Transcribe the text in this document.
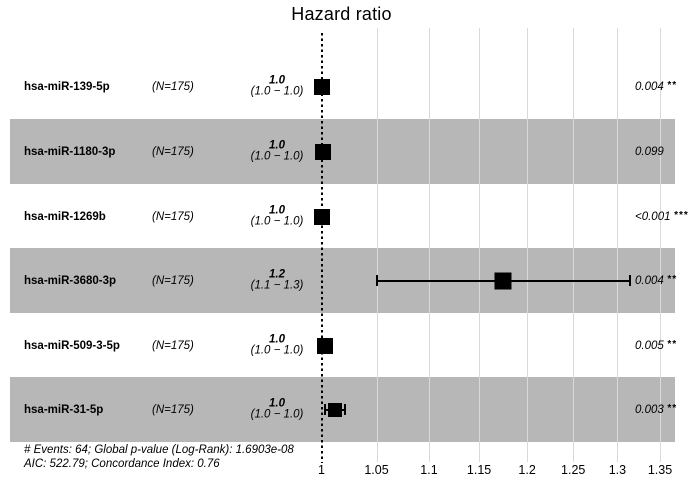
Hazard ratio
hsa-miR-139-5p	(N=175)
1.0
(1.0 − 1.0)	0.004 **
hsa-miR-1180-3p	(N=175)
1.0
(1.0 − 1.0)	0.099
hsa-miR-1269b	(N=175)
1.0
(1.0 − 1.0)	<0.001 ***
hsa-miR-3680-3p	(N=175)
1.2
(1.1 − 1.3)	0.004 **
hsa-miR-509-3-5p	(N=175)
1.0
(1.0 − 1.0)	0.005 **
hsa-miR-31-5p	(N=175)
1.0
(1.0 − 1.0)	0.003 **
1	1.05	1.1 1.15 1.2 1.25 1.3 1.35
# Events: 64; Global p-value (Log-Rank): 1.6903e-08
AIC: 522.79; Concordance Index: 0.76
